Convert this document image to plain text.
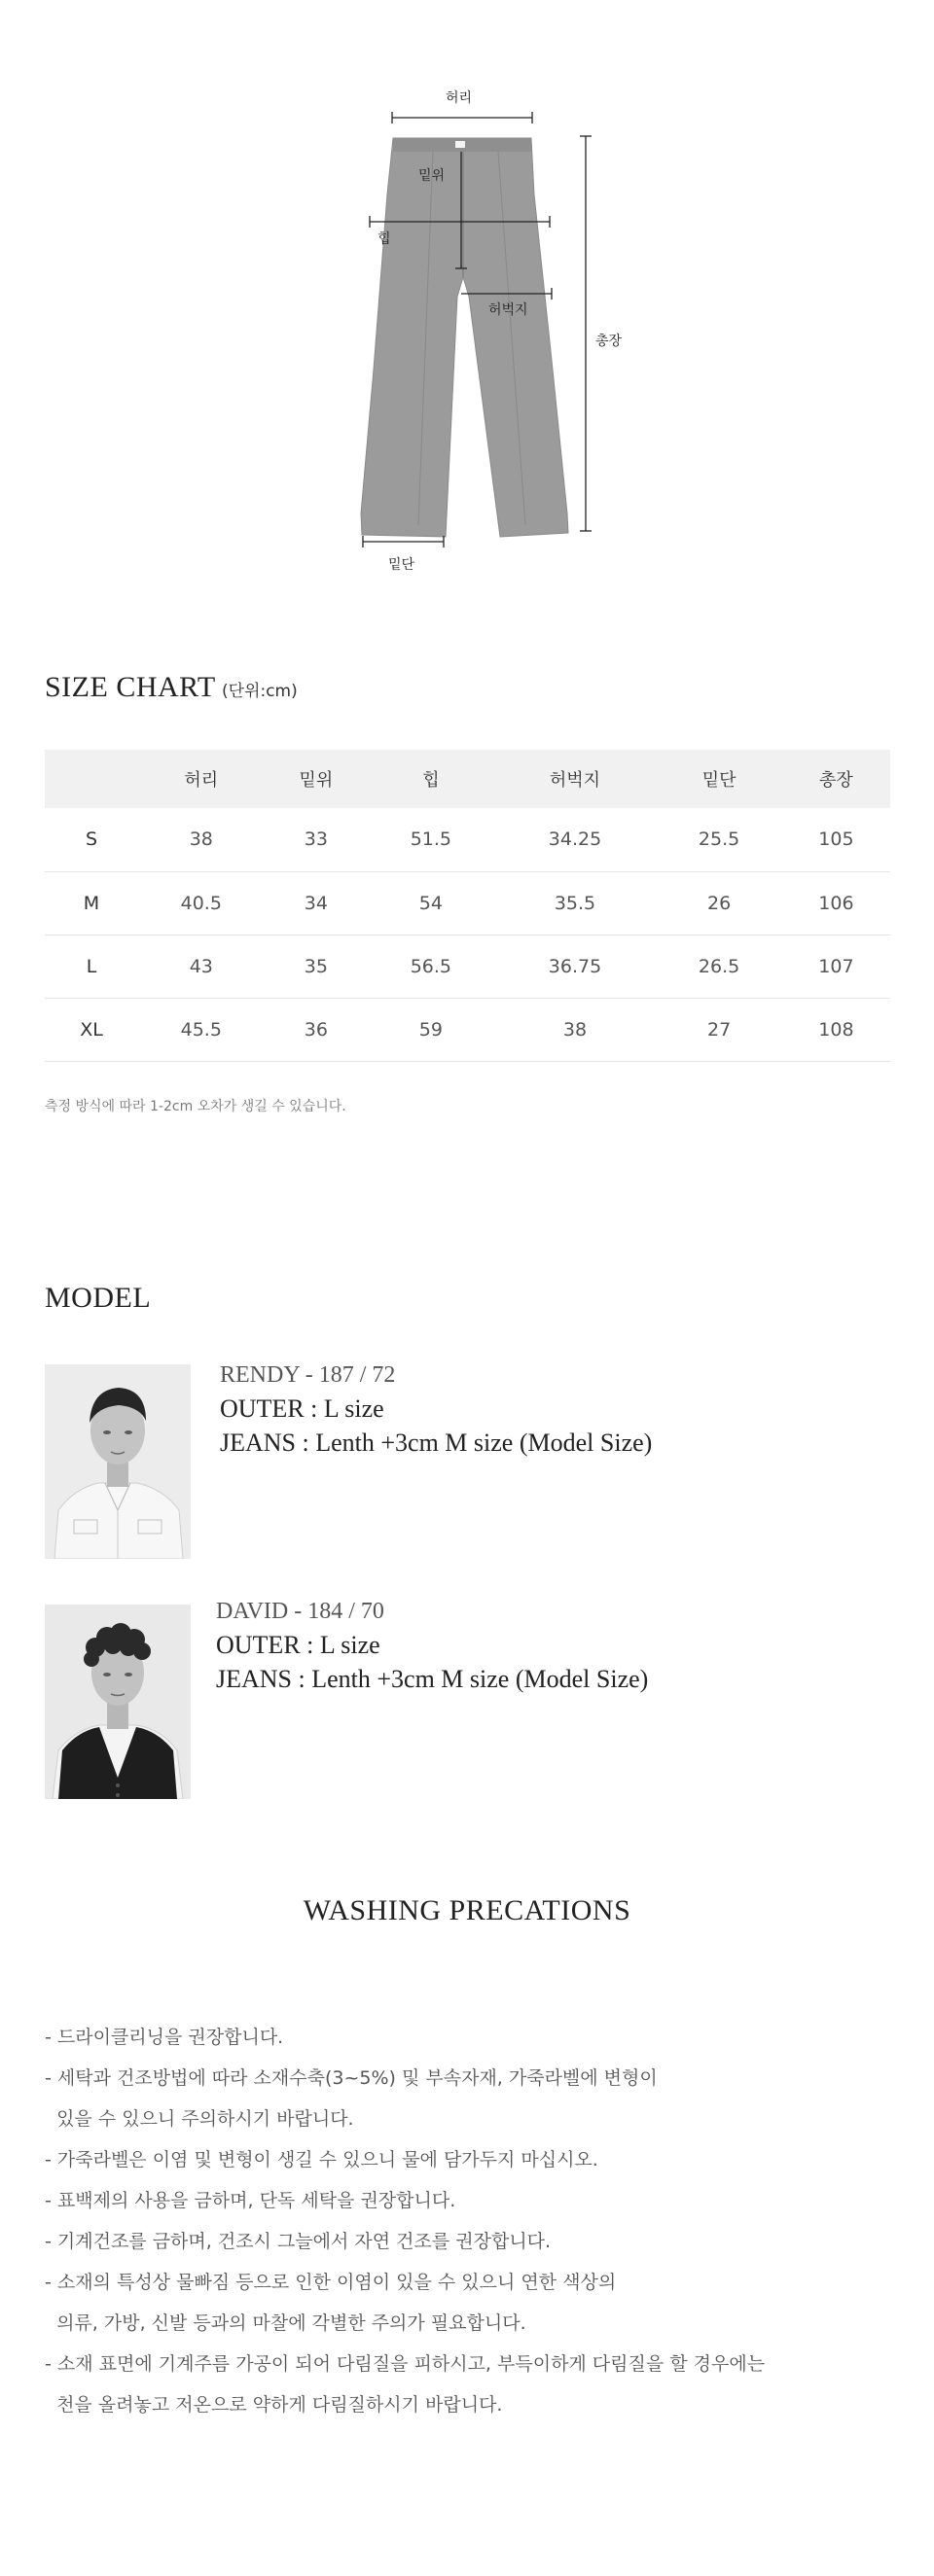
허리
밑위
힙
허벅지
총장
밑단
SIZE CHART (단위:cm)
	허리	밑위	힙	허벅지	밑단	총장
S	38	33	51.5	34.25	25.5	105
M	40.5	34	54	35.5	26	106
L	43	35	56.5	36.75	26.5	107
XL	45.5	36	59	38	27	108
측정 방식에 따라 1-2cm 오차가 생길 수 있습니다.
MODEL
RENDY - 187 / 72
OUTER : L size
JEANS : Lenth +3cm M size (Model Size)
DAVID - 184 / 70
OUTER : L size
JEANS : Lenth +3cm M size (Model Size)
WASHING PRECATIONS
- 드라이클리닝을 권장합니다.
- 세탁과 건조방법에 따라 소재수축(3~5%) 및 부속자재, 가죽라벨에 변형이
있을 수 있으니 주의하시기 바랍니다.
- 가죽라벨은 이염 및 변형이 생길 수 있으니 물에 담가두지 마십시오.
- 표백제의 사용을 금하며, 단독 세탁을 권장합니다.
- 기계건조를 금하며, 건조시 그늘에서 자연 건조를 권장합니다.
- 소재의 특성상 물빠짐 등으로 인한 이염이 있을 수 있으니 연한 색상의
의류, 가방, 신발 등과의 마찰에 각별한 주의가 필요합니다.
- 소재 표면에 기계주름 가공이 되어 다림질을 피하시고, 부득이하게 다림질을 할 경우에는
천을 올려놓고 저온으로 약하게 다림질하시기 바랍니다.
